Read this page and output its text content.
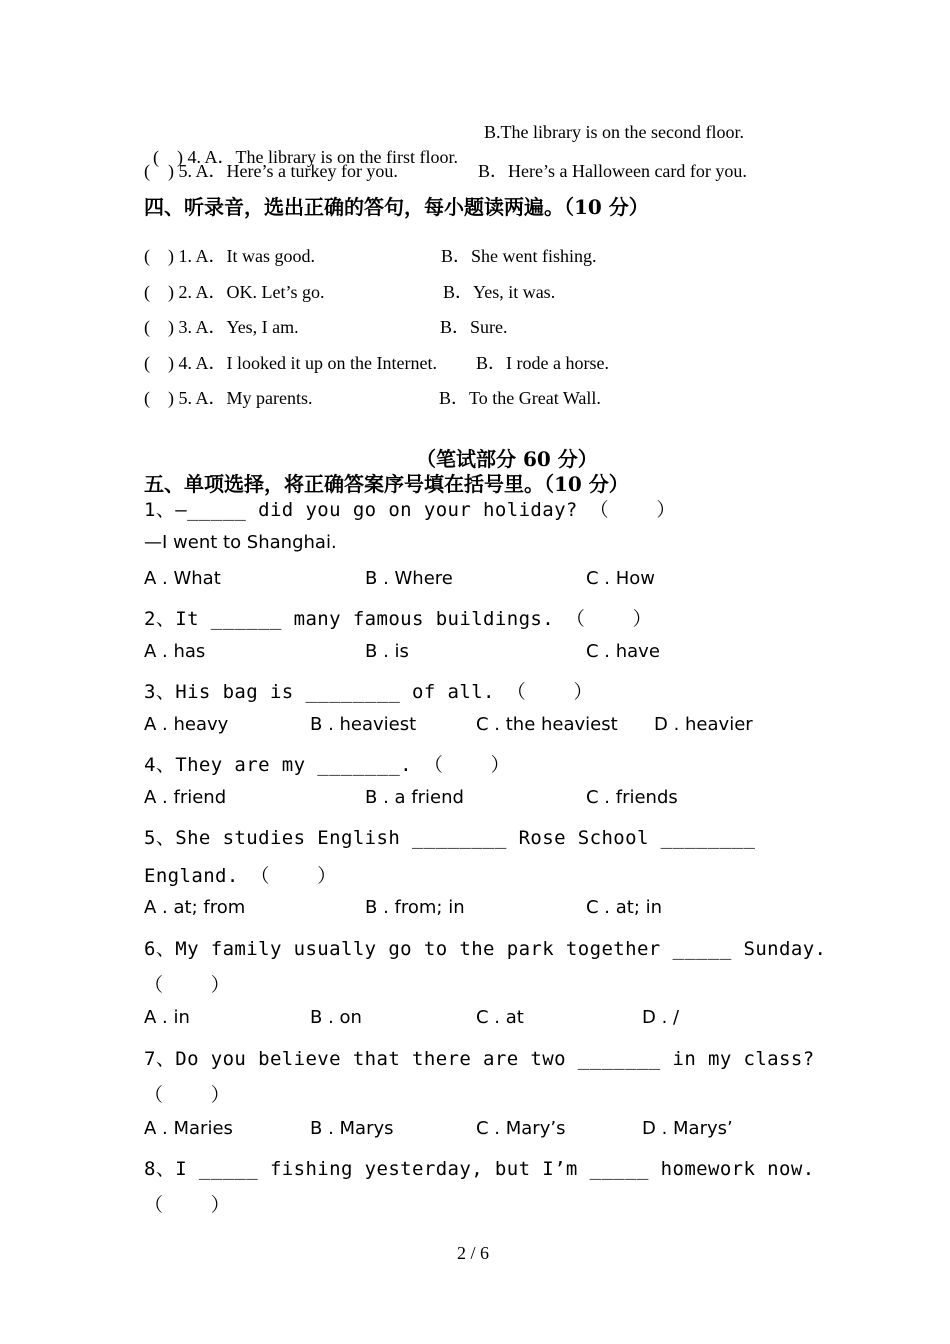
(    ) 4. A．The library is on the first floor.

B.The library is on the second floor.
(    ) 5. A．Here’s a turkey for you.	B．Here’s a Halloween card for you.
四、听录音，选出正确的答句，每小题读两遍。（10 分）
(    ) 1. A．It was good.	B．She went fishing.
(    ) 2. A．OK. Let’s go.	B．Yes, it was.
(    ) 3. A．Yes, I am.	B．Sure.
(    ) 4. A．I looked it up on the Internet. B．I rode a horse.
(    ) 5. A．My parents.	B．To the Great Wall.
（笔试部分 60 分）
五、单项选择，将正确答案序号填在括号里。（10 分）
1、—_____ did you go on your holiday? （    ）
—I went to Shanghai.
A . What	B . Where	C . How
2、It ______ many famous buildings. （    ）
A . has	B . is	C . have
3、His bag is ________ of all. （    ）
A . heavy	B . heaviest	C . the heaviest D . heavier
4、They are my _______. （    ）
A . friend	B . a friend	C . friends
5、She studies English ________ Rose School ________
England. （    ）
A . at; from	B . from; in	C . at; in
6、My family usually go to the park together _____ Sunday.
（    ）
A . in	B . on	C . at	D . /
7、Do you believe that there are two _______ in my class?
（    ）
A . Maries	B . Marys	C . Mary’s	D . Marys’
8、I _____ fishing yesterday, but I’m _____ homework now.
（    ）
2 / 6
